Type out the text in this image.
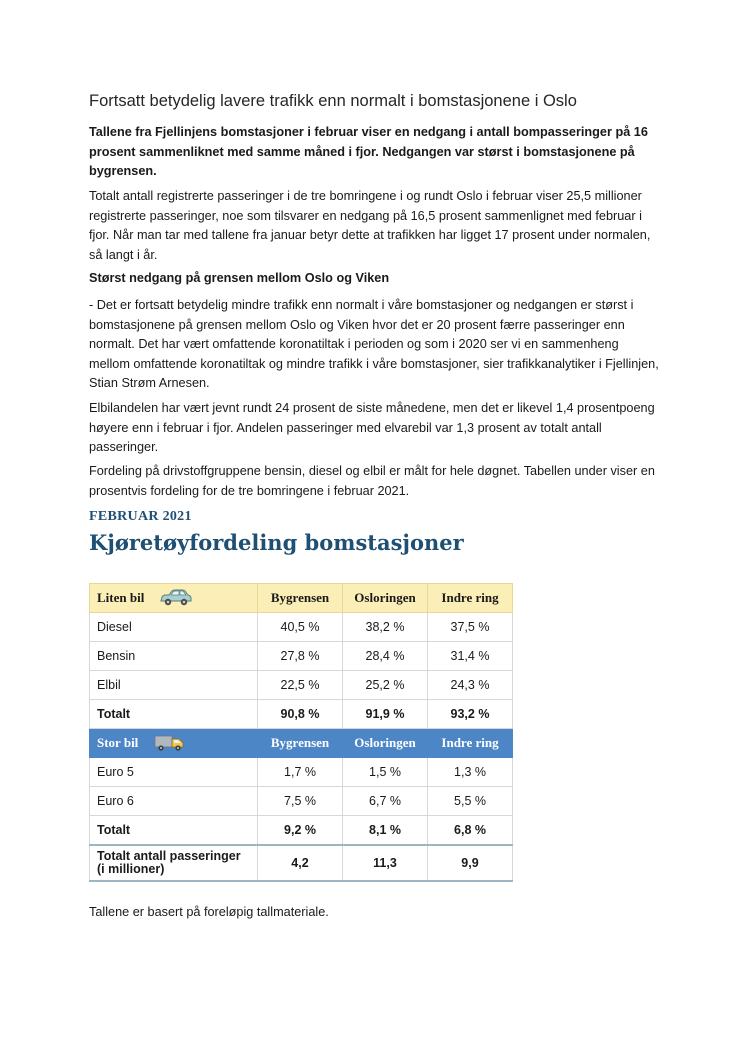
Fortsatt betydelig lavere trafikk enn normalt i bomstasjonene i Oslo
Tallene fra Fjellinjens bomstasjoner i februar viser en nedgang i antall bompasseringer på 16 prosent sammenliknet med samme måned i fjor. Nedgangen var størst i bomstasjonene på bygrensen.
Totalt antall registrerte passeringer i de tre bomringene i og rundt Oslo i februar viser 25,5 millioner registrerte passeringer, noe som tilsvarer en nedgang på 16,5 prosent sammenlignet med februar i fjor. Når man tar med tallene fra januar betyr dette at trafikken har ligget 17 prosent under normalen, så langt i år.
Størst nedgang på grensen mellom Oslo og Viken
- Det er fortsatt betydelig mindre trafikk enn normalt i våre bomstasjoner og nedgangen er størst i bomstasjonene på grensen mellom Oslo og Viken hvor det er 20 prosent færre passeringer enn normalt. Det har vært omfattende koronatiltak i perioden og som i 2020 ser vi en sammenheng mellom omfattende koronatiltak og mindre trafikk i våre bomstasjoner, sier trafikkanalytiker i Fjellinjen, Stian Strøm Arnesen.
Elbilandelen har vært jevnt rundt 24 prosent de siste månedene, men det er likevel 1,4 prosentpoeng høyere enn i februar i fjor. Andelen passeringer med elvarebil var 1,3 prosent av totalt antall passeringer.
Fordeling på drivstoffgruppene bensin, diesel og elbil er målt for hele døgnet. Tabellen under viser en prosentvis fordeling for de tre bomringene i februar 2021.
FEBRUAR 2021
Kjøretøyfordeling bomstasjoner
Liten bil	Bygrensen	Osloringen	Indre ring
Diesel	40,5 %	38,2 %	37,5 %
Bensin	27,8 %	28,4 %	31,4 %
Elbil	22,5 %	25,2 %	24,3 %
Totalt	90,8 %	91,9 %	93,2 %

Stor bil	Bygrensen	Osloringen	Indre ring
Euro 5	1,7 %	1,5 %	1,3 %
Euro 6	7,5 %	6,7 %	5,5 %
Totalt	9,2 %	8,1 %	6,8 %

Totalt antall passeringer
(i millioner)	4,2	11,3	9,9
Tallene er basert på foreløpig tallmateriale.
